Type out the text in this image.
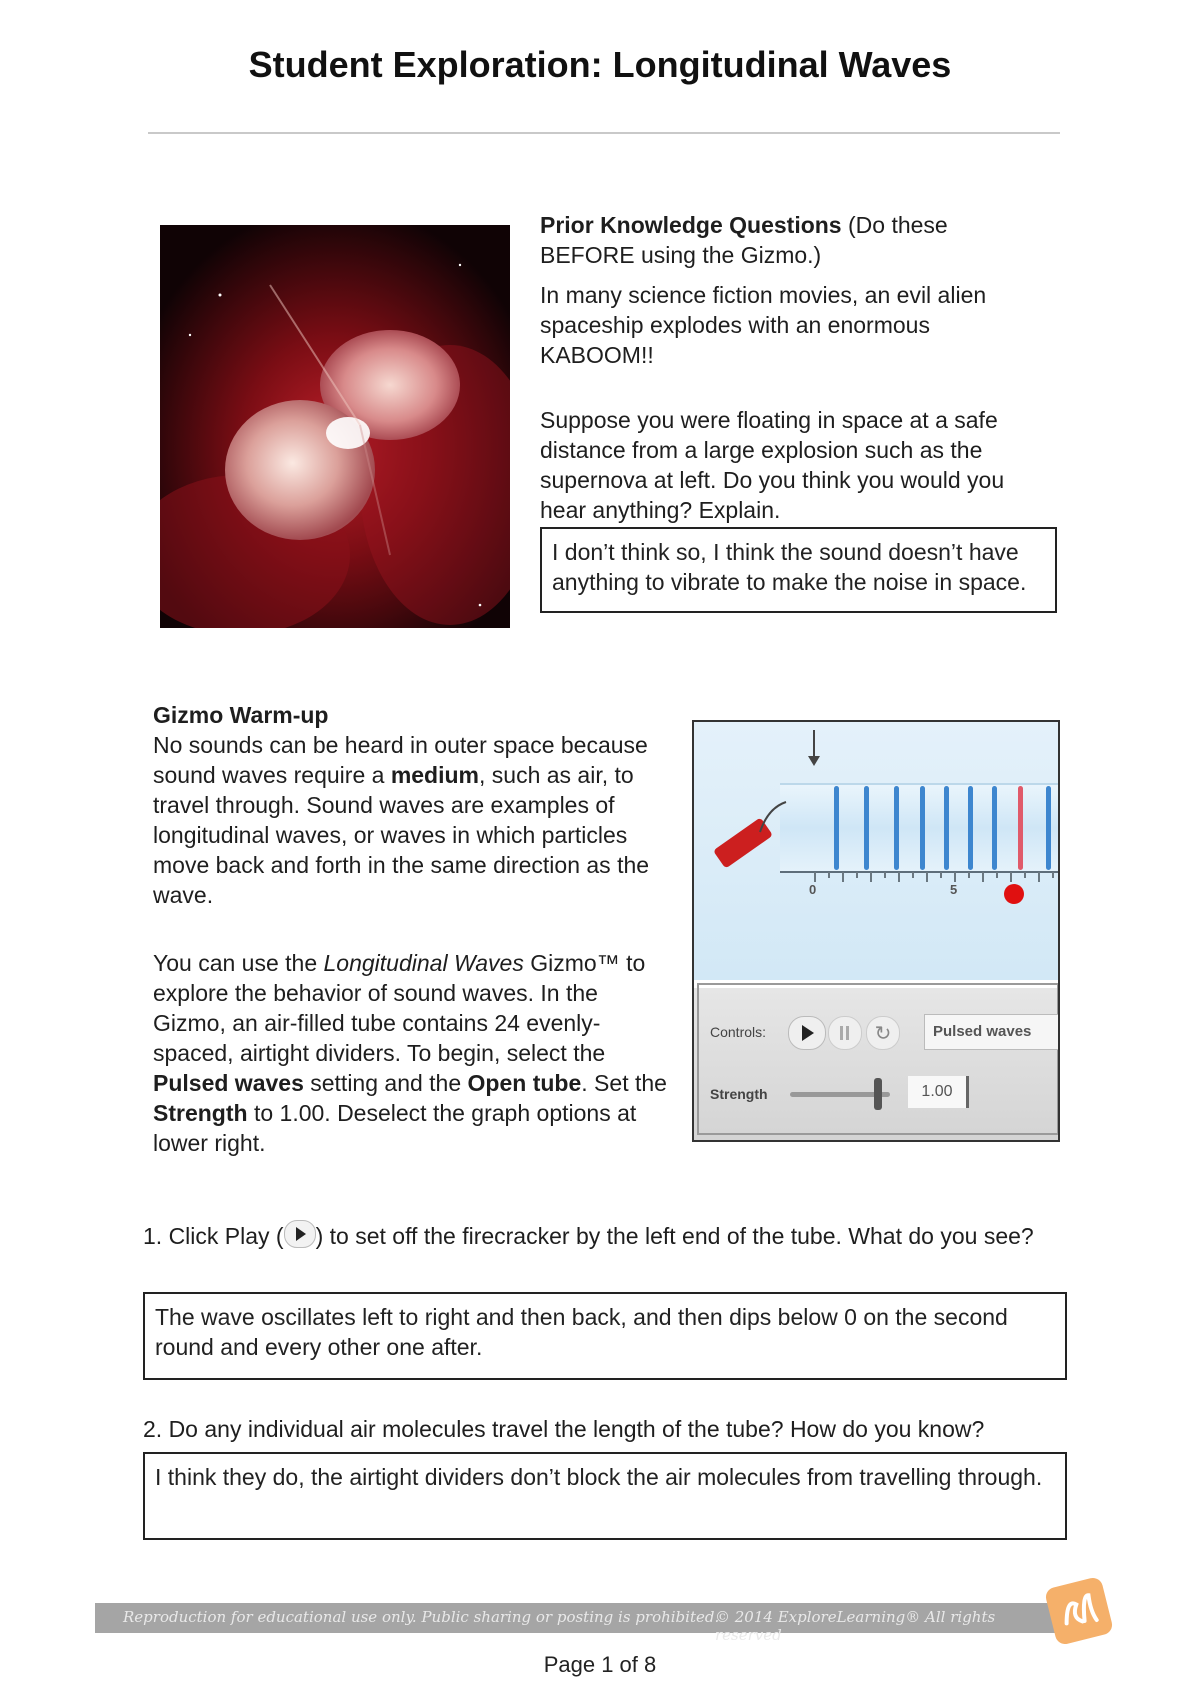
Student Exploration: Longitudinal Waves
Prior Knowledge Questions (Do these BEFORE using the Gizmo.)
In many science fiction movies, an evil alien spaceship explodes with an enormous KABOOM!!
Suppose you were floating in space at a safe distance from a large explosion such as the supernova at left. Do you think you would you hear anything? Explain.
I don’t think so, I think the sound doesn’t have anything to vibrate to make the noise in space.
Gizmo Warm-up
No sounds can be heard in outer space because sound waves require a medium, such as air, to travel through. Sound waves are examples of longitudinal waves, or waves in which particles move back and forth in the same direction as the wave.
You can use the Longitudinal Waves Gizmo™ to explore the behavior of sound waves. In the Gizmo, an air-filled tube contains 24 evenly-spaced, airtight dividers. To begin, select the Pulsed waves setting and the Open tube. Set the Strength to 1.00. Deselect the graph options at lower right.
0	5
Controls:	↻	Pulsed waves
Strength	1.00
1. Click Play ( ) to set off the firecracker by the left end of the tube. What do you see?
The wave oscillates left to right and then back, and then dips below 0 on the second round and every other one after.
2. Do any individual air molecules travel the length of the tube? How do you know?
I think they do, the airtight dividers don’t block the air molecules from travelling through.
Reproduction for educational use only. Public sharing or posting is prohibited.
© 2014 ExploreLearning® All rights reserved
Page 1 of 8
